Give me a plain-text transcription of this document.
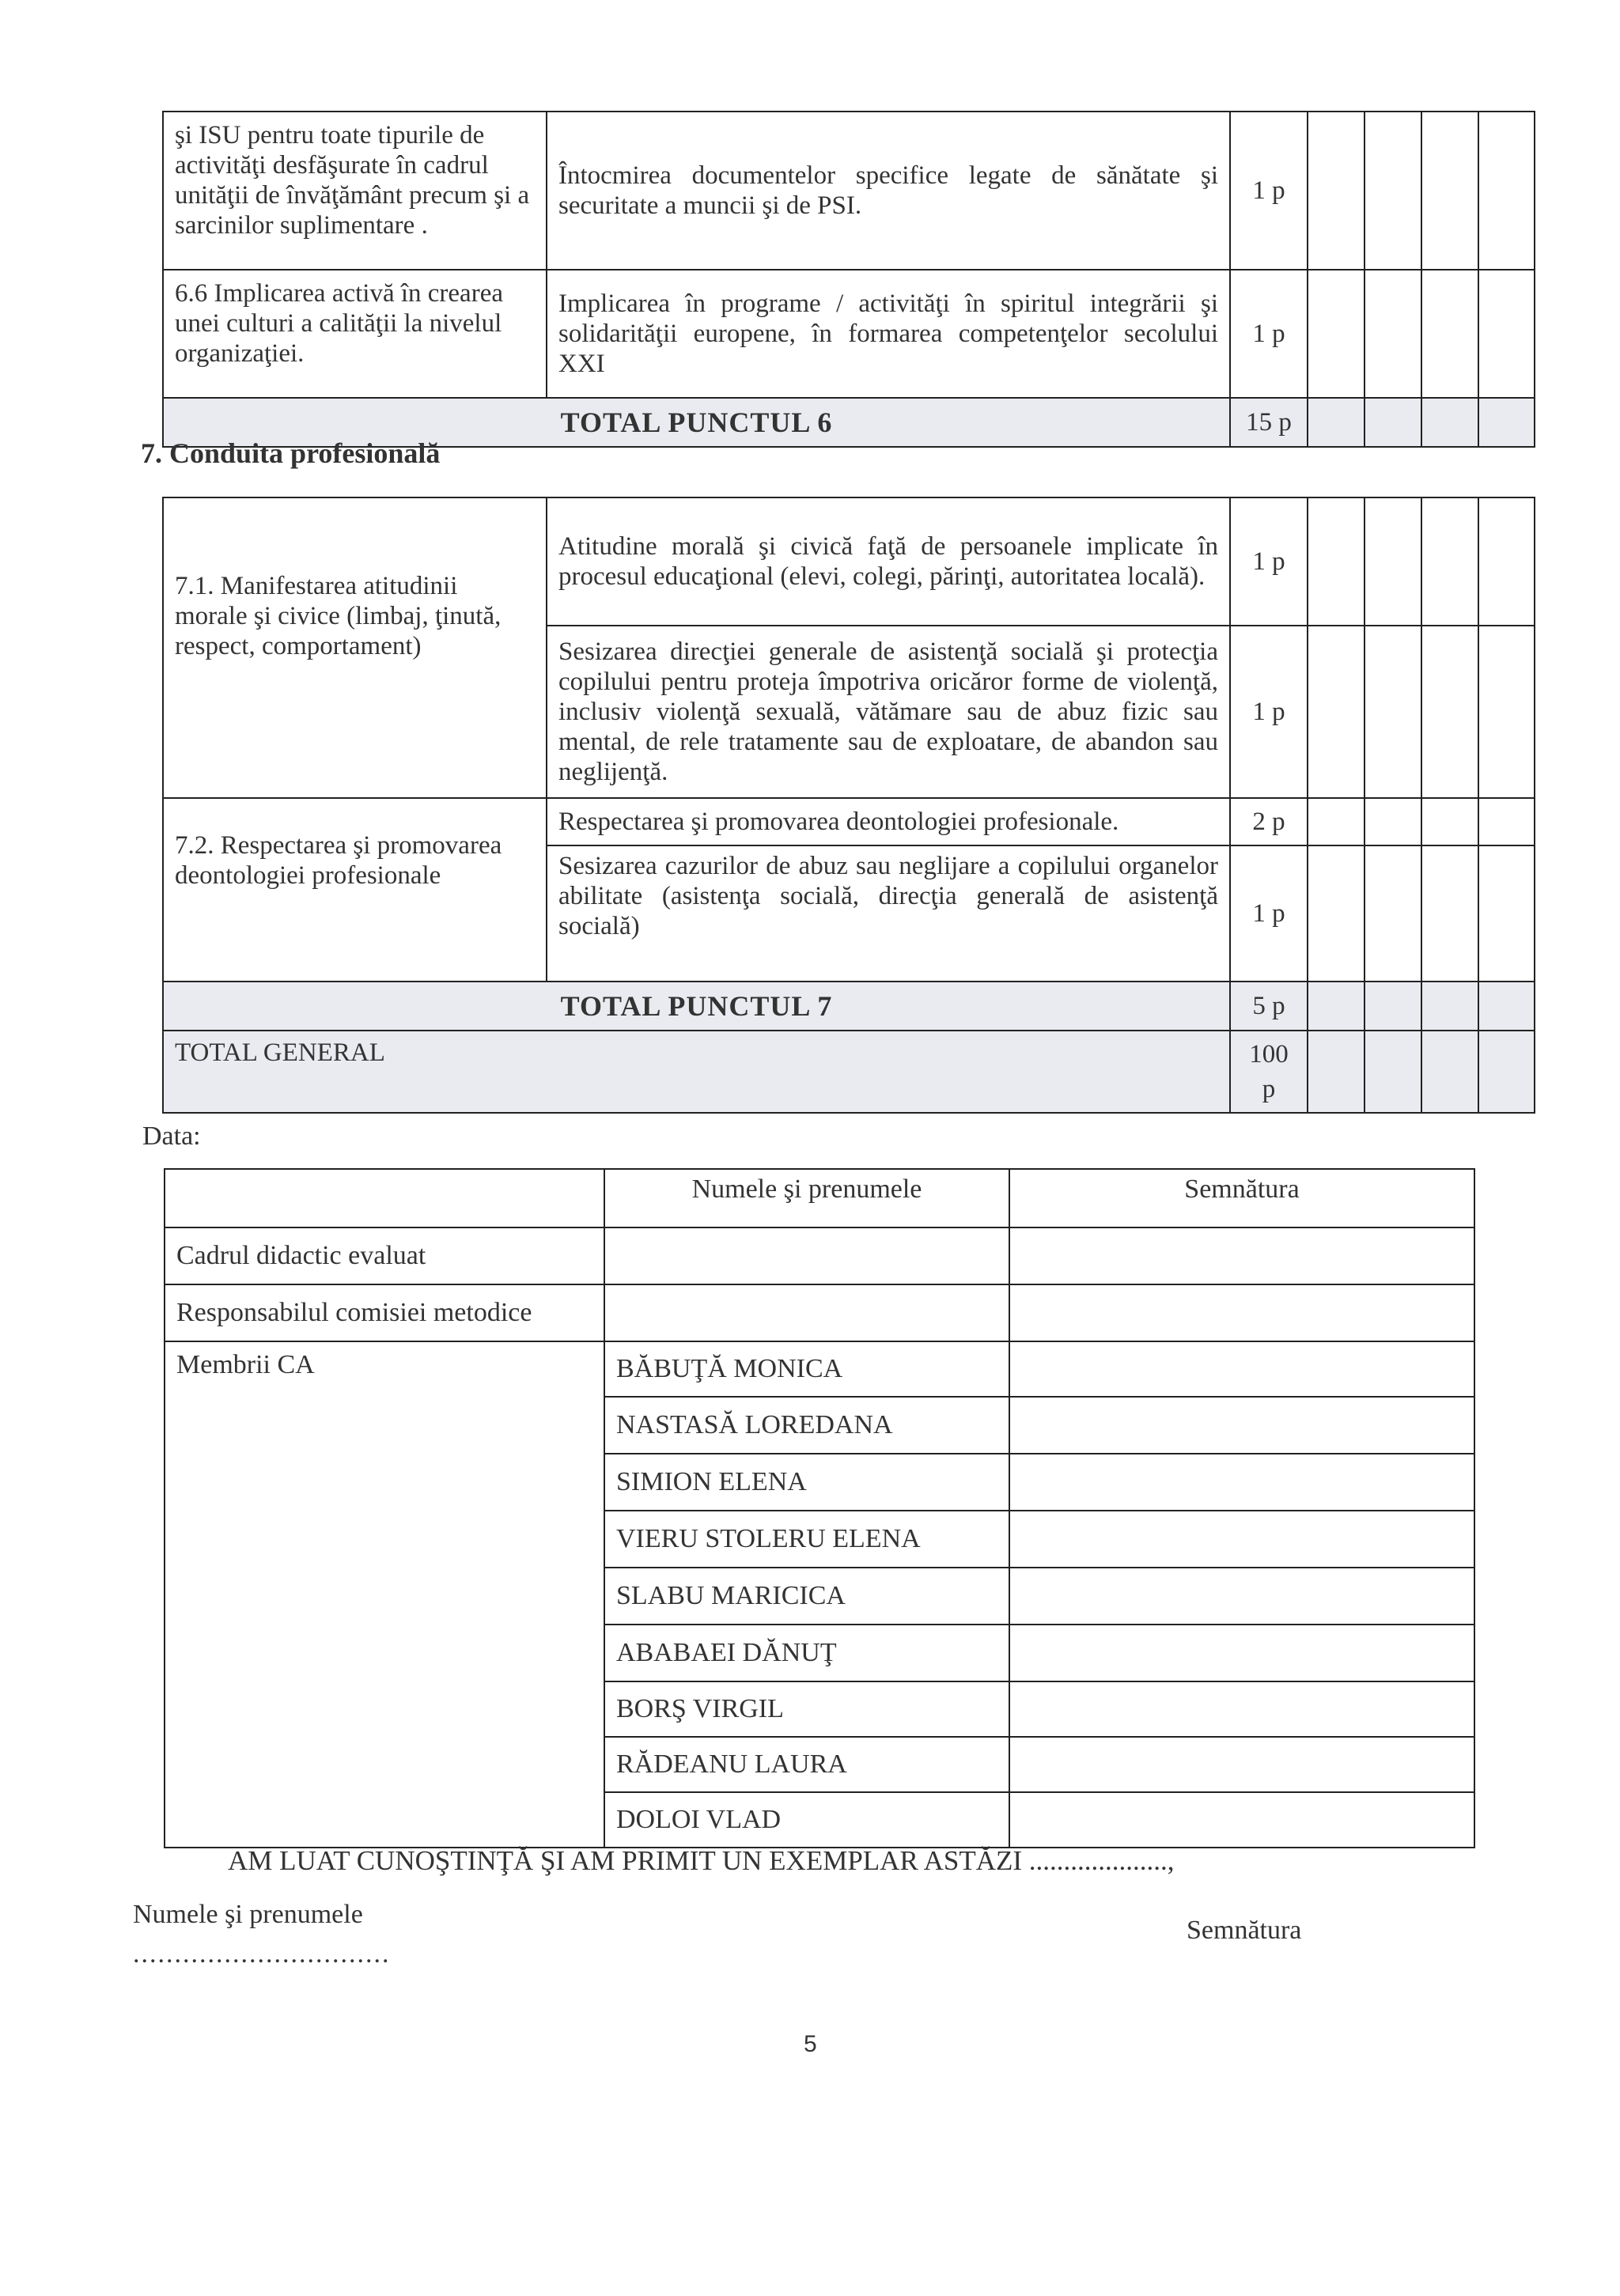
şi ISU pentru toate tipurile de activităţi desfăşurate în cadrul unităţii de învăţământ precum şi a sarcinilor suplimentare .	Întocmirea documentelor specifice legate de sănătate şi securitate a muncii şi de PSI.	1 p				
6.6 Implicarea activă în crearea unei culturi a calităţii la nivelul organizaţiei.	Implicarea în programe / activităţi în spiritul integrării şi solidarităţii europene, în formarea competenţelor secolului XXI	1 p				
TOTAL PUNCTUL 6		15 p				
7. Conduita profesională
7.1. Manifestarea atitudinii morale şi civice (limbaj, ţinută, respect, comportament)	Atitudine morală şi civică faţă de persoanele implicate în procesul educaţional (elevi, colegi, părinţi, autoritatea locală).	1 p				
	Sesizarea direcţiei generale de asistenţă socială şi protecţia copilului pentru proteja împotriva oricăror forme de violenţă, inclusiv violenţă sexuală, vătămare sau de abuz fizic sau mental, de rele tratamente sau de exploatare, de abandon sau neglijenţă.	1 p				
7.2. Respectarea şi promovarea deontologiei profesionale	Respectarea şi promovarea deontologiei profesionale.	2 p				
	Sesizarea cazurilor de abuz sau neglijare a copilului organelor abilitate (asistenţa socială, direcţia generală de asistenţă socială)	1 p				
TOTAL PUNCTUL 7		5 p				
TOTAL GENERAL		100
p				
Data:
	Numele şi prenumele	Semnătura
Cadrul didactic evaluat		
Responsabilul comisiei metodice		
Membrii CA	BĂBUŢĂ MONICA	
	NASTASĂ LOREDANA	
	SIMION ELENA	
	VIERU STOLERU ELENA	
	SLABU MARICICA	
	ABABAEI DĂNUŢ	
	BORŞ VIRGIL	
	RĂDEANU LAURA	
	DOLOI VLAD	
AM LUAT CUNOŞTINŢĂ ŞI AM PRIMIT UN EXEMPLAR ASTĂZI ....................,
Numele şi prenumele
...............................
Semnătura
5
